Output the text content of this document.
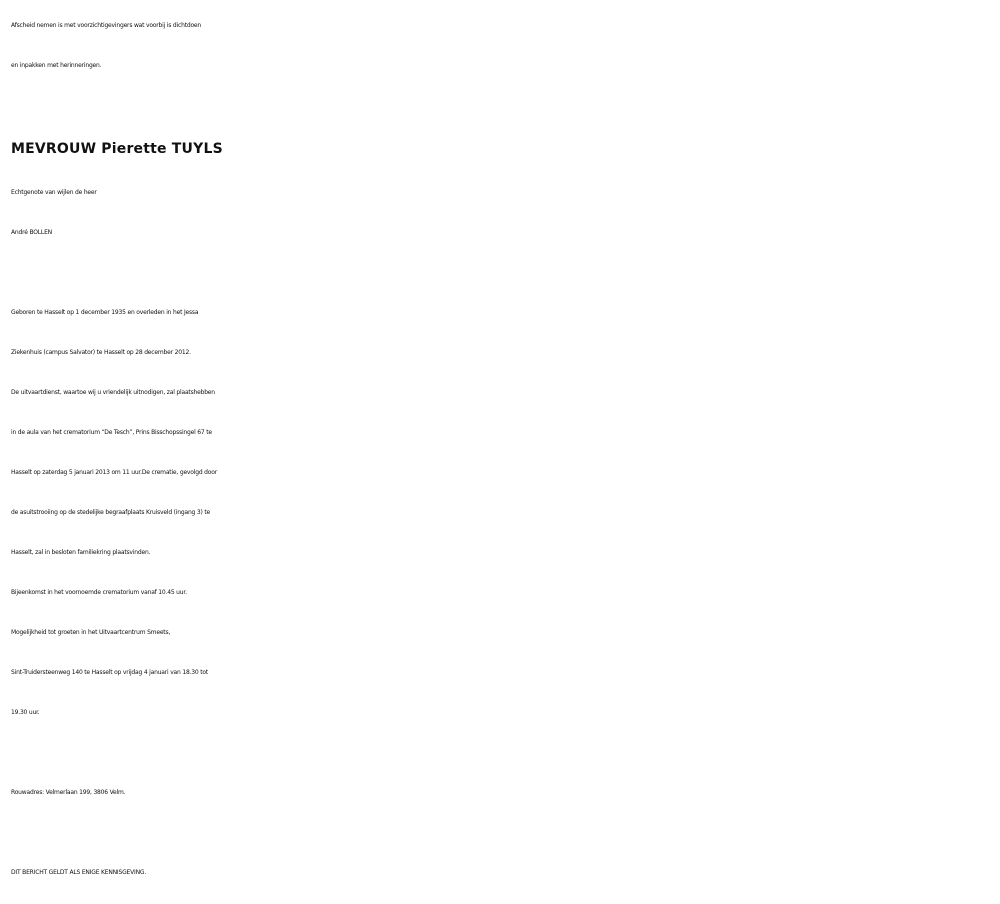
Afscheid nemen is met voorzichtigevingers wat voorbij is dichtdoen
en inpakken met herinneringen.
MEVROUW Pierette TUYLS
Echtgenote van wijlen de heer
André BOLLEN
Geboren te Hasselt op 1 december 1935 en overleden in het Jessa
Ziekenhuis (campus Salvator) te Hasselt op 28 december 2012.
De uitvaartdienst, waartoe wij u vriendelijk uitnodigen, zal plaatshebben
in de aula van het crematorium “De Tesch”, Prins Bisschopssingel 67 te
Hasselt op zaterdag 5 januari 2013 om 11 uur.De crematie, gevolgd door
de asuitstrooiing op de stedelijke begraafplaats Kruisveld (ingang 3) te
Hasselt, zal in besloten familiekring plaatsvinden.
Bijeenkomst in het voornoemde crematorium vanaf 10.45 uur.
Mogelijkheid tot groeten in het Uitvaartcentrum Smeets,
Sint-Truidersteenweg 140 te Hasselt op vrijdag 4 januari van 18.30 tot
19.30 uur.
Rouwadres: Velmerlaan 199, 3806 Velm.
DIT BERICHT GELDT ALS ENIGE KENNISGEVING.
